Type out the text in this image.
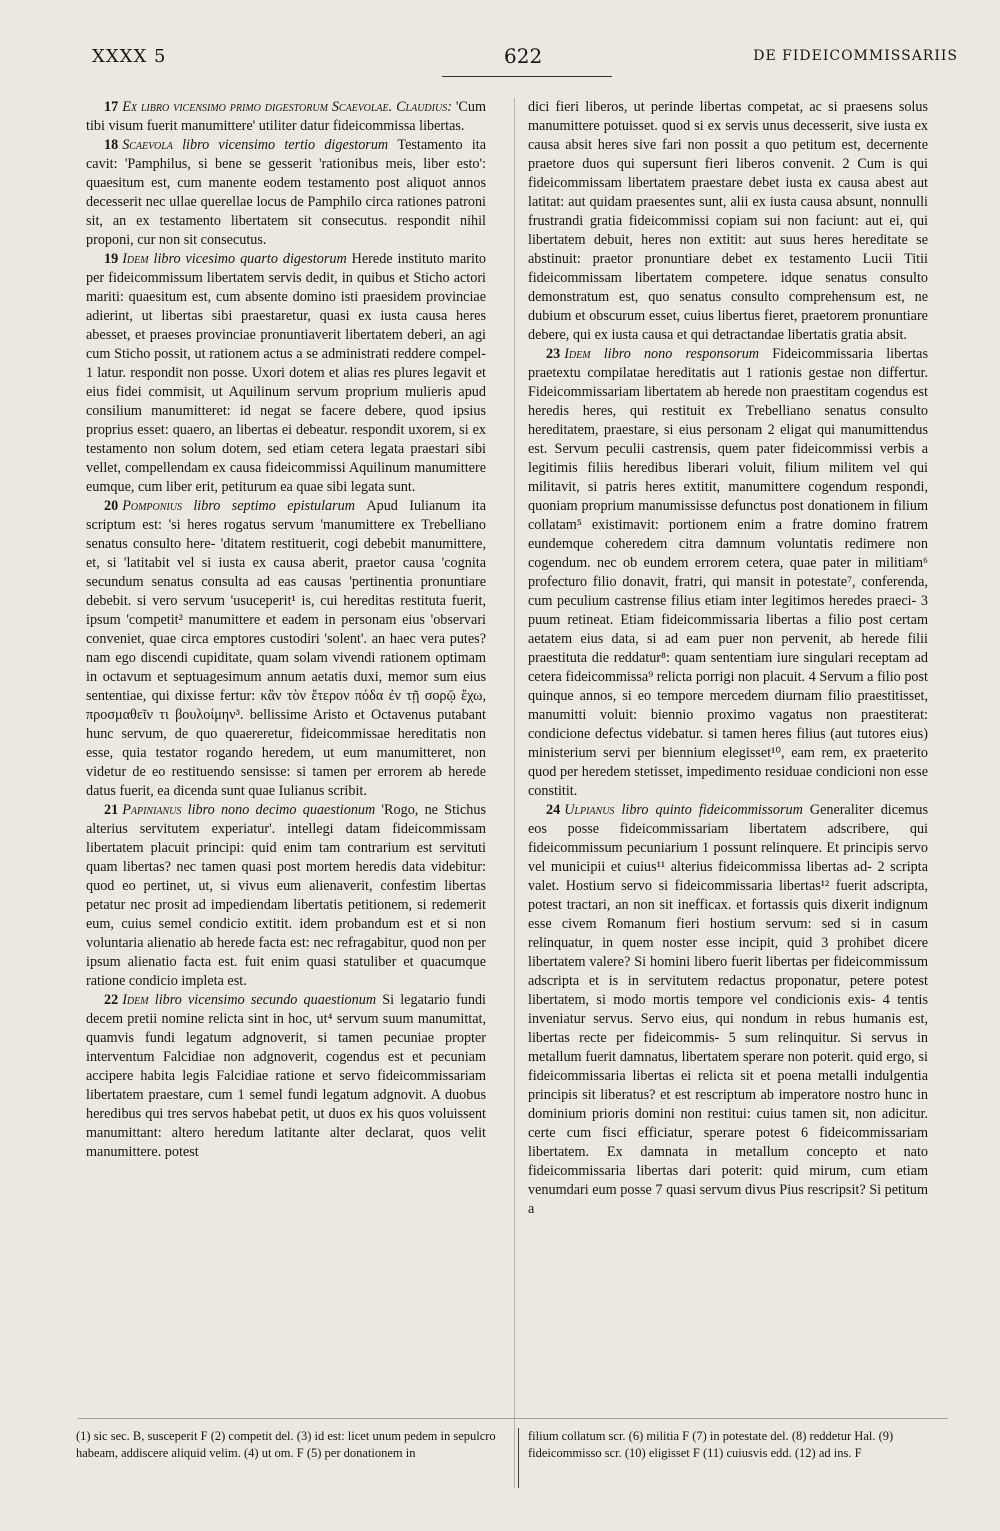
XXXX 5	622	DE FIDEICOMMISSARIIS

17 Ex libro vicensimo primo digestorum Scaevolae. Claudius: 'Cum tibi visum fuerit manumittere' utiliter datur fideicommissa libertas.

18 Scaevola libro vicensimo tertio digestorum Testamento ita cavit: 'Pamphilus, si bene se gesserit 'rationibus meis, liber esto': quaesitum est, cum manente eodem testamento post aliquot annos decesserit nec ullae querellae locus de Pamphilo circa rationes patroni sit, an ex testamento libertatem sit consecutus. respondit nihil proponi, cur non sit consecutus.

19 Idem libro vicesimo quarto digestorum Herede instituto marito per fideicommissum libertatem servis dedit, in quibus et Sticho actori mariti: quaesitum est, cum absente domino isti praesidem provinciae adierint, ut libertas sibi praestaretur, quasi ex iusta causa heres abesset, et praeses provinciae pronuntiaverit libertatem deberi, an agi cum Sticho possit, ut rationem actus a se administrati reddere compel- 1 latur. respondit non posse. Uxori dotem et alias res plures legavit et eius fidei commisit, ut Aquilinum servum proprium mulieris apud consilium manumitteret: id negat se facere debere, quod ipsius proprius esset: quaero, an libertas ei debeatur. respondit uxorem, si ex testamento non solum dotem, sed etiam cetera legata praestari sibi vellet, compellendam ex causa fideicommissi Aquilinum manumittere eumque, cum liber erit, petiturum ea quae sibi legata sunt.

20 Pomponius libro septimo epistularum Apud Iulianum ita scriptum est: 'si heres rogatus servum 'manumittere ex Trebelliano senatus consulto here- 'ditatem restituerit, cogi debebit manumittere, et, si 'latitabit vel si iusta ex causa aberit, praetor causa 'cognita secundum senatus consulta ad eas causas 'pertinentia pronuntiare debebit. si vero servum 'usuceperit¹ is, cui hereditas restituta fuerit, ipsum 'competit² manumittere et eadem in personam eius 'observari conveniet, quae circa emptores custodiri 'solent'. an haec vera putes? nam ego discendi cupiditate, quam solam vivendi rationem optimam in octavum et septuagesimum annum aetatis duxi, memor sum eius sententiae, qui dixisse fertur: κἂν τὸν ἕτερον πόδα ἐν τῇ σορῷ ἔχω, προσμαθεῖν τι βουλοίμην³. bellissime Aristo et Octavenus putabant hunc servum, de quo quaereretur, fideicommissae hereditatis non esse, quia testator rogando heredem, ut eum manumitteret, non videtur de eo restituendo sensisse: si tamen per errorem ab herede datus fuerit, ea dicenda sunt quae Iulianus scribit.

21 Papinianus libro nono decimo quaestionum 'Rogo, ne Stichus alterius servitutem experiatur'. intellegi datam fideicommissam libertatem placuit principi: quid enim tam contrarium est servituti quam libertas? nec tamen quasi post mortem heredis data videbitur: quod eo pertinet, ut, si vivus eum alienaverit, confestim libertas petatur nec prosit ad impediendam libertatis petitionem, si redemerit eum, cuius semel condicio extitit. idem probandum est et si non voluntaria alienatio ab herede facta est: nec refragabitur, quod non per ipsum alienatio facta est. fuit enim quasi statuliber et quacumque ratione condicio impleta est.

22 Idem libro vicensimo secundo quaestionum Si legatario fundi decem pretii nomine relicta sint in hoc, ut⁴ servum suum manumittat, quamvis fundi legatum adgnoverit, si tamen pecuniae propter interventum Falcidiae non adgnoverit, cogendus est et pecuniam accipere habita legis Falcidiae ratione et servo fideicommissariam libertatem praestare, cum 1 semel fundi legatum adgnovit. A duobus heredibus qui tres servos habebat petit, ut duos ex his quos voluissent manumittant: altero heredum latitante alter declarat, quos velit manumittere. potest

dici fieri liberos, ut perinde libertas competat, ac si praesens solus manumittere potuisset. quod si ex servis unus decesserit, sive iusta ex causa absit heres sive fari non possit a quo petitum est, decernente praetore duos qui supersunt fieri liberos convenit. 2 Cum is qui fideicommissam libertatem praestare debet iusta ex causa abest aut latitat: aut quidam praesentes sunt, alii ex iusta causa absunt, nonnulli frustrandi gratia fideicommissi copiam sui non faciunt: aut ei, qui libertatem debuit, heres non extitit: aut suus heres hereditate se abstinuit: praetor pronuntiare debet ex testamento Lucii Titii fideicommissam libertatem competere. idque senatus consulto demonstratum est, quo senatus consulto comprehensum est, ne dubium et obscurum esset, cuius libertus fieret, praetorem pronuntiare debere, qui ex iusta causa et qui detractandae libertatis gratia absit.

23 Idem libro nono responsorum Fideicommissaria libertas praetextu compilatae hereditatis aut 1 rationis gestae non differtur. Fideicommissariam libertatem ab herede non praestitam cogendus est heredis heres, qui restituit ex Trebelliano senatus consulto hereditatem, praestare, si eius personam 2 eligat qui manumittendus est. Servum peculii castrensis, quem pater fideicommissi verbis a legitimis filiis heredibus liberari voluit, filium militem vel qui militavit, si patris heres extitit, manumittere cogendum respondi, quoniam proprium manumississe defunctus post donationem in filium collatam⁵ existimavit: portionem enim a fratre domino fratrem eundemque coheredem citra damnum voluntatis redimere non cogendum. nec ob eundem errorem cetera, quae pater in militiam⁶ profecturo filio donavit, fratri, qui mansit in potestate⁷, conferenda, cum peculium castrense filius etiam inter legitimos heredes praeci- 3 puum retineat. Etiam fideicommissaria libertas a filio post certam aetatem eius data, si ad eam puer non pervenit, ab herede filii praestituta die reddatur⁸: quam sententiam iure singulari receptam ad cetera fideicommissa⁹ relicta porrigi non placuit. 4 Servum a filio post quinque annos, si eo tempore mercedem diurnam filio praestitisset, manumitti voluit: biennio proximo vagatus non praestiterat: condicione defectus videbatur. si tamen heres filius (aut tutores eius) ministerium servi per biennium elegisset¹⁰, eam rem, ex praeterito quod per heredem stetisset, impedimento residuae condicioni non esse constitit.

24 Ulpianus libro quinto fideicommissorum Generaliter dicemus eos posse fideicommissariam libertatem adscribere, qui fideicommissum pecuniarium 1 possunt relinquere. Et principis servo vel municipii et cuius¹¹ alterius fideicommissa libertas ad- 2 scripta valet. Hostium servo si fideicommissaria libertas¹² fuerit adscripta, potest tractari, an non sit inefficax. et fortassis quis dixerit indignum esse civem Romanum fieri hostium servum: sed si in casum relinquatur, in quem noster esse incipit, quid 3 prohibet dicere libertatem valere? Si homini libero fuerit libertas per fideicommissum adscripta et is in servitutem redactus proponatur, petere potest libertatem, si modo mortis tempore vel condicionis exis- 4 tentis inveniatur servus. Servo eius, qui nondum in rebus humanis est, libertas recte per fideicommis- 5 sum relinquitur. Si servus in metallum fuerit damnatus, libertatem sperare non poterit. quid ergo, si fideicommissaria libertas ei relicta sit et poena metalli indulgentia principis sit liberatus? et est rescriptum ab imperatore nostro hunc in dominium prioris domini non restitui: cuius tamen sit, non adicitur. certe cum fisci efficiatur, sperare potest 6 fideicommissariam libertatem. Ex damnata in metallum concepto et nato fideicommissaria libertas dari poterit: quid mirum, cum etiam venumdari eum posse 7 quasi servum divus Pius rescripsit? Si petitum a

(1) sic sec. B, susceperit F (2) competit del. (3) id est: licet unum pedem in sepulcro habeam, addiscere aliquid velim. (4) ut om. F (5) per donationem in
filium collatum scr. (6) militia F (7) in potestate del. (8) reddetur Hal. (9) fideicommisso scr. (10) eligisset F (11) cuiusvis edd. (12) ad ins. F
